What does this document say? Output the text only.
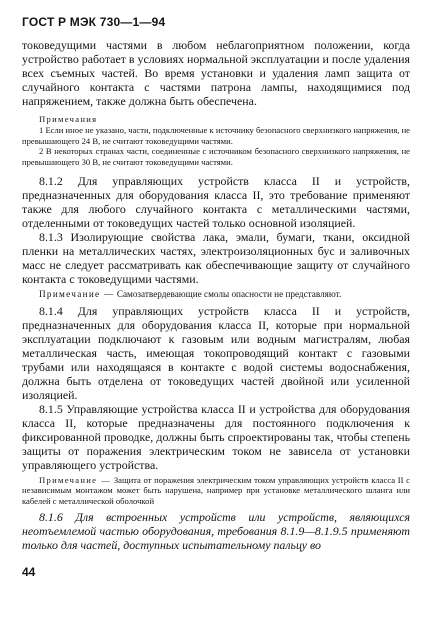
ГОСТ Р МЭК 730—1—94

токоведущими частями в любом неблагоприятном положении, когда устройство работает в условиях нормальной эксплуатации и после удаления всех съемных частей. Во время установки и удаления ламп защита от случайного контакта с частями патрона лампы, находящимися под напряжением, также должна быть обеспечена.

Примечания

1 Если иное не указано, части, подключенные к источнику безопасного сверхнизкого напряжения, не превышающего 24 В, не считают токоведущими частями.

2 В некоторых странах части, соединенные с источником безопасного сверхнизкого напряжения, не превышающего 30 В, не считают токоведущими частями.

8.1.2 Для управляющих устройств класса II и устройств, предназначенных для оборудования класса II, это требование применяют также для любого случайного контакта с металлическими частями, отделенными от токоведущих частей только основной изоляцией.

8.1.3 Изолирующие свойства лака, эмали, бумаги, ткани, оксидной пленки на металлических частях, электроизоляционных бус и заливочных масс не следует рассматривать как обеспечивающие защиту от случайного контакта с токоведущими частями.

Примечание — Самозатвердевающие смолы опасности не представляют.

8.1.4 Для управляющих устройств класса II и устройств, предназначенных для оборудования класса II, которые при нормальной эксплуатации подключают к газовым или водным магистралям, любая металлическая часть, имеющая токопроводящий контакт с газовыми трубами или находящаяся в контакте с водой системы водоснабжения, должна быть отделена от токоведущих частей двойной или усиленной изоляцией.

8.1.5 Управляющие устройства класса II и устройства для оборудования класса II, которые предназначены для постоянного подключения к фиксированной проводке, должны быть спроектированы так, чтобы степень защиты от поражения электрическим током не зависела от установки управляющего устройства.

Примечание — Защита от поражения электрическим током управляющих устройств класса II с независимым монтажом может быть нарушена, например при установке металлического шланга или кабелей с металлической оболочкой

8.1.6 Для встроенных устройств или устройств, являющихся неотъемлемой частью оборудования, требования 8.1.9—8.1.9.5 применяют только для частей, доступных испытательному пальцу во

44
